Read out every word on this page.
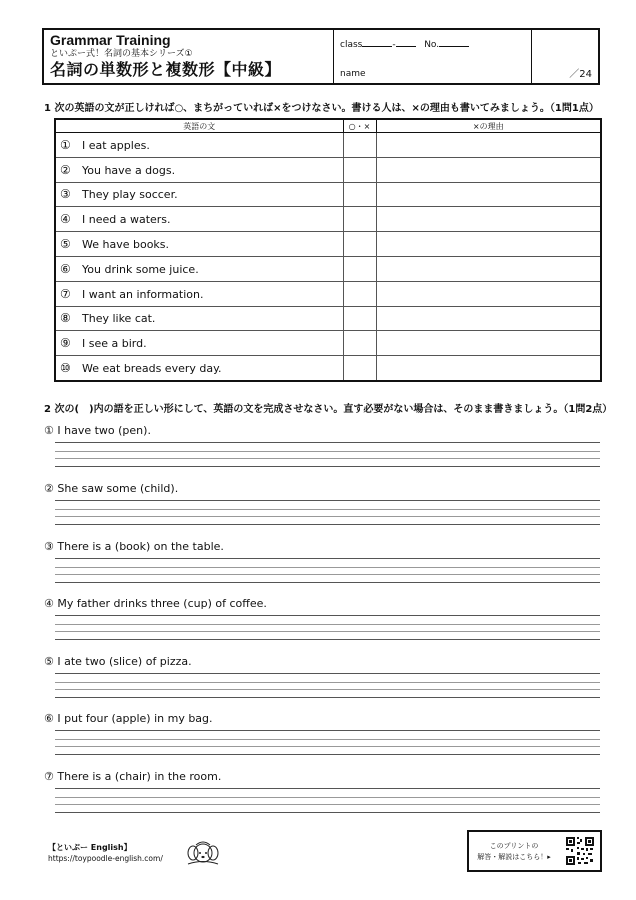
Grammar Training
といぷー式！名詞の基本シリーズ①
名詞の単数形と複数形【中級】
class	-	No.
name	／24
1 次の英語の文が正しければ○、まちがっていれば×をつけなさい。書ける人は、×の理由も書いてみましょう。（1問1点）
英語の文	○・×	×の理由
① I eat apples.		
② You have a dogs.		
③ They play soccer.		
④ I need a waters.		
⑤ We have books.		
⑥ You drink some juice.		
⑦ I want an information.		
⑧ They like cat.		
⑨ I see a bird.		
⑩ We eat breads every day.		
2 次の(　)内の語を正しい形にして、英語の文を完成させなさい。直す必要がない場合は、そのまま書きましょう。（1問2点）
① I have two (pen).
② She saw some (child).
③ There is a (book) on the table.
④ My father drinks three (cup) of coffee.
⑤ I ate two (slice) of pizza.
⑥ I put four (apple) in my bag.
⑦ There is a (chair) in the room.
【といぷー English】
https://toypoodle-english.com/
このプリントの
解答・解説はこちら！▸
